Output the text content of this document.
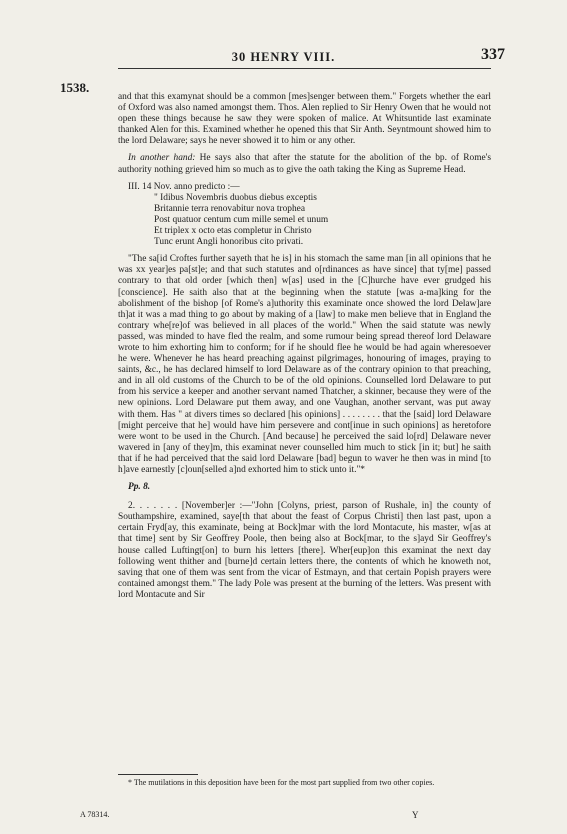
30 HENRY VIII.	337
1538.

and that this examynat should be a common [mes]senger between them." Forgets whether the earl of Oxford was also named amongst them. Thos. Alen replied to Sir Henry Owen that he would not open these things because he saw they were spoken of malice. At Whitsuntide last examinate thanked Alen for this. Examined whether he opened this that Sir Anth. Seyntmount showed him to the lord Delaware; says he never showed it to him or any other.

In another hand: He says also that after the statute for the abolition of the bp. of Rome's authority nothing grieved him so much as to give the oath taking the King as Supreme Head.

III. 14 Nov. anno predicto :—
" Idibus Novembris duobus diebus exceptis
Britannie terra renovabitur nova trophea
Post quatuor centum cum mille semel et unum
Et triplex x octo etas completur in Christo
Tunc erunt Angli honoribus cito privati.

"The sa[id Croftes further sayeth that he is] in his stomach the same man [in all opinions that he was xx year]es pa[st]e; and that such statutes and o[rdinances as have since] that ty[me] passed contrary to that old order [which then] w[as] used in the [C]hurche have ever grudged his [conscience]. He saith also that at the beginning when the statute [was a-ma]king for the abolishment of the bishop [of Rome's a]uthority this examinate once showed the lord Delaw]are th]at it was a mad thing to go about by making of a [law] to make men believe that in England the contrary whe[re]of was believed in all places of the world." When the said statute was newly passed, was minded to have fled the realm, and some rumour being spread thereof lord Delaware wrote to him exhorting him to conform; for if he should flee he would be had again wheresoever he were. Whenever he has heard preaching against pilgrimages, honouring of images, praying to saints, &c., he has declared himself to lord Delaware as of the contrary opinion to that preaching, and in all old customs of the Church to be of the old opinions. Counselled lord Delaware to put from his service a keeper and another servant named Thatcher, a skinner, because they were of the new opinions. Lord Delaware put them away, and one Vaughan, another servant, was put away with them. Has " at divers times so declared [his opinions] . . . . . . . . that the [said] lord Delaware [might perceive that he] would have him persevere and cont[inue in such opinions] as heretofore were wont to be used in the Church. [And because] he perceived the said lo[rd] Delaware never wavered in [any of they]m, this examinat never counselled him much to stick [in it; but] he saith that if he had perceived that the said lord Delaware [bad] begun to waver he then was in mind [to h]ave earnestly [c]oun[selled a]nd exhorted him to stick unto it."*

Pp. 8.

2. . . . . . . [November]er :—"John [Colyns, priest, parson of Rushale, in] the county of Southampshire, examined, saye[th that about the feast of Corpus Christi] then last past, upon a certain Fryd[ay, this examinate, being at Bock]mar with the lord Montacute, his master, w[as at that time] sent by Sir Geoffrey Poole, then being also at Bock[mar, to the s]ayd Sir Geoffrey's house called Luftingt[on] to burn his letters [there]. Wher[eup]on this examinat the next day following went thither and [burne]d certain letters there, the contents of which he knoweth not, saving that one of them was sent from the vicar of Estmayn, and that certain Popish prayers were contained amongst them." The lady Pole was present at the burning of the letters. Was present with lord Montacute and Sir

* The mutilations in this deposition have been for the most part supplied from two other copies.
A 78314.	Y
